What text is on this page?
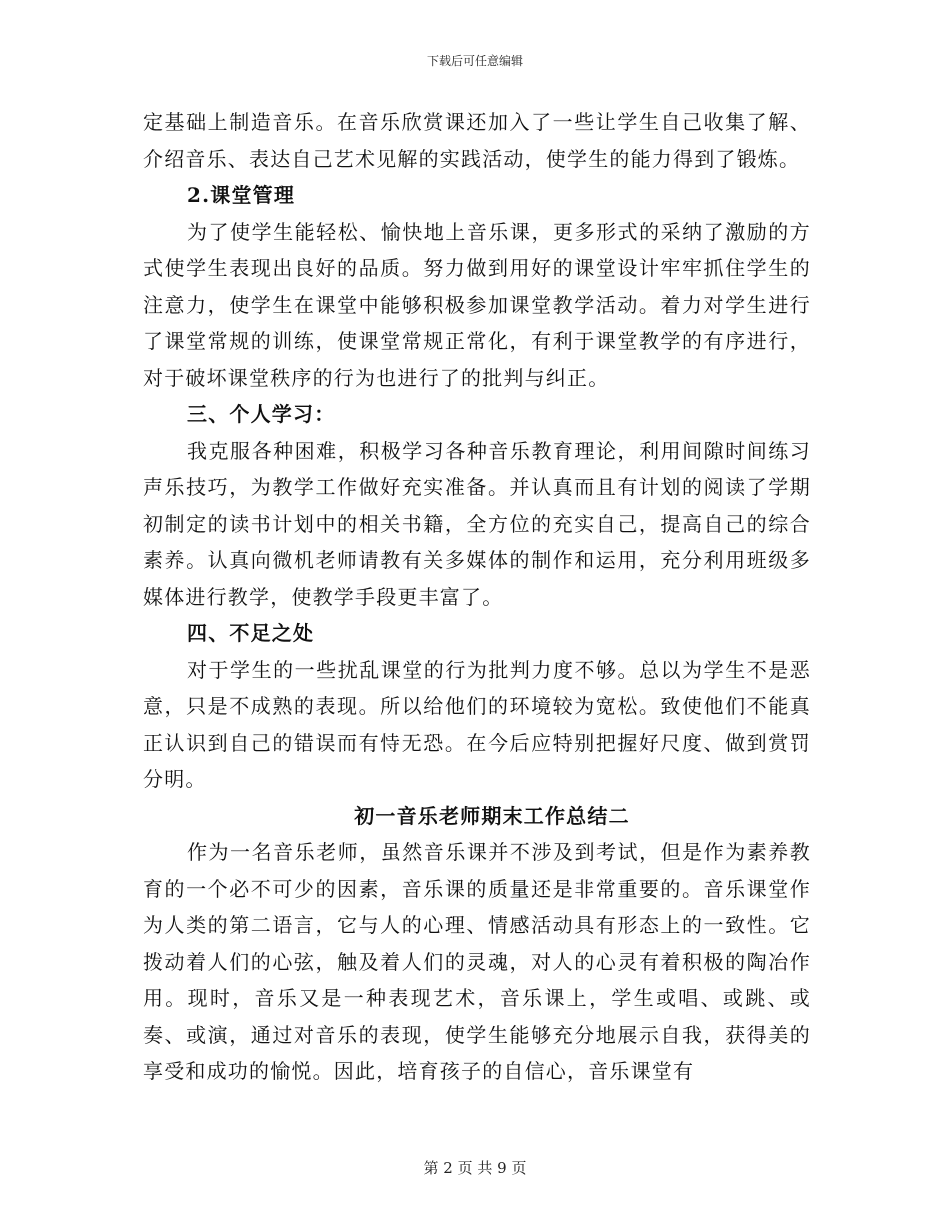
下载后可任意编辑

定基础上制造音乐。在音乐欣赏课还加入了一些让学生自己收集了解、介绍音乐、表达自己艺术见解的实践活动，使学生的能力得到了锻炼。

2.课堂管理

为了使学生能轻松、愉快地上音乐课，更多形式的采纳了激励的方式使学生表现出良好的品质。努力做到用好的课堂设计牢牢抓住学生的注意力，使学生在课堂中能够积极参加课堂教学活动。着力对学生进行了课堂常规的训练，使课堂常规正常化，有利于课堂教学的有序进行，对于破坏课堂秩序的行为也进行了的批判与纠正。

三、个人学习：

我克服各种困难，积极学习各种音乐教育理论，利用间隙时间练习声乐技巧，为教学工作做好充实准备。并认真而且有计划的阅读了学期初制定的读书计划中的相关书籍，全方位的充实自己，提高自己的综合素养。认真向微机老师请教有关多媒体的制作和运用，充分利用班级多媒体进行教学，使教学手段更丰富了。

四、不足之处

对于学生的一些扰乱课堂的行为批判力度不够。总以为学生不是恶意，只是不成熟的表现。所以给他们的环境较为宽松。致使他们不能真正认识到自己的错误而有恃无恐。在今后应特别把握好尺度、做到赏罚分明。

初一音乐老师期末工作总结二

作为一名音乐老师，虽然音乐课并不涉及到考试，但是作为素养教育的一个必不可少的因素，音乐课的质量还是非常重要的。音乐课堂作为人类的第二语言，它与人的心理、情感活动具有形态上的一致性。它拨动着人们的心弦，触及着人们的灵魂，对人的心灵有着积极的陶冶作用。现时，音乐又是一种表现艺术，音乐课上，学生或唱、或跳、或奏、或演，通过对音乐的表现，使学生能够充分地展示自我，获得美的享受和成功的愉悦。因此，培育孩子的自信心，音乐课堂有

第 2 页 共 9 页
